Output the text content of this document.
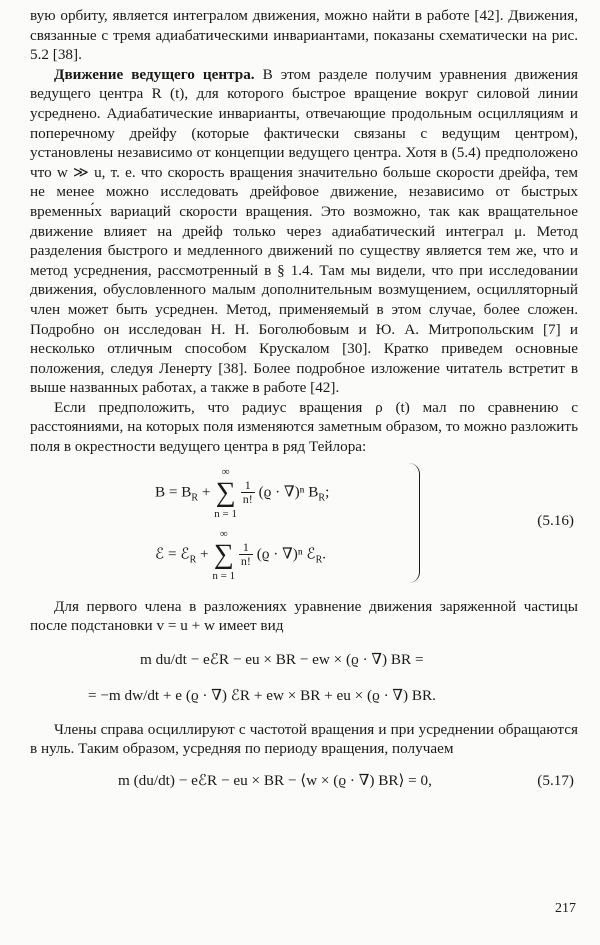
вую орбиту, является интегралом движения, можно найти в работе [42]. Движения, связанные с тремя адиабатическими инвариантами, показаны схематически на рис. 5.2 [38].

Движение ведущего центра. В этом разделе получим уравнения движения ведущего центра R (t), для которого быстрое вращение вокруг силовой линии усреднено. Адиабатические инварианты, отвечающие продольным осцилляциям и поперечному дрейфу (которые фактически связаны с ведущим центром), установлены независимо от концепции ведущего центра. Хотя в (5.4) предположено что w ≫ u, т. е. что скорость вращения значительно больше скорости дрейфа, тем не менее можно исследовать дрейфовое движение, независимо от быстрых временны́х вариаций скорости вращения. Это возможно, так как вращательное движение влияет на дрейф только через адиабатический интеграл μ. Метод разделения быстрого и медленного движений по существу является тем же, что и метод усреднения, рассмотренный в § 1.4. Там мы видели, что при исследовании движения, обусловленного малым дополнительным возмущением, осцилляторный член может быть усреднен. Метод, применяемый в этом случае, более сложен. Подробно он исследован Н. Н. Боголюбовым и Ю. А. Митропольским [7] и несколько отличным способом Крускалом [30]. Кратко приведем основные положения, следуя Ленерту [38]. Более подробное изложение читатель встретит в выше названных работах, а также в работе [42].

Если предположить, что радиус вращения ρ (t) мал по сравнению с расстояниями, на которых поля изменяются заметным образом, то можно разложить поля в окрестности ведущего центра в ряд Тейлора:

$B = B_R$ +
∞
∑
n = 1

$\frac{1}{n!} (ϱ \cdot \nabla)^n$ $B_R$;
ℰ = ℰ$_R$ +
∞
∑
n = 1

$\frac{1}{n!} (ϱ \cdot \nabla)^n$ ℰ$_R$.
(5.16)

Для первого члена в разложениях уравнение движения заряженной частицы после подстановки v = u + w имеет вид

m du/dt − eℰR − eu × BR − ew × (ϱ · ∇) BR =
= −m dw/dt + e (ϱ · ∇) ℰR + ew × BR + eu × (ϱ · ∇) BR.

Члены справа осциллируют с частотой вращения и при усреднении обращаются в нуль. Таким образом, усредняя по периоду вращения, получаем

m (du/dt) − eℰR − eu × BR − ⟨w × (ϱ · ∇) BR⟩ = 0,	(5.17)
217
